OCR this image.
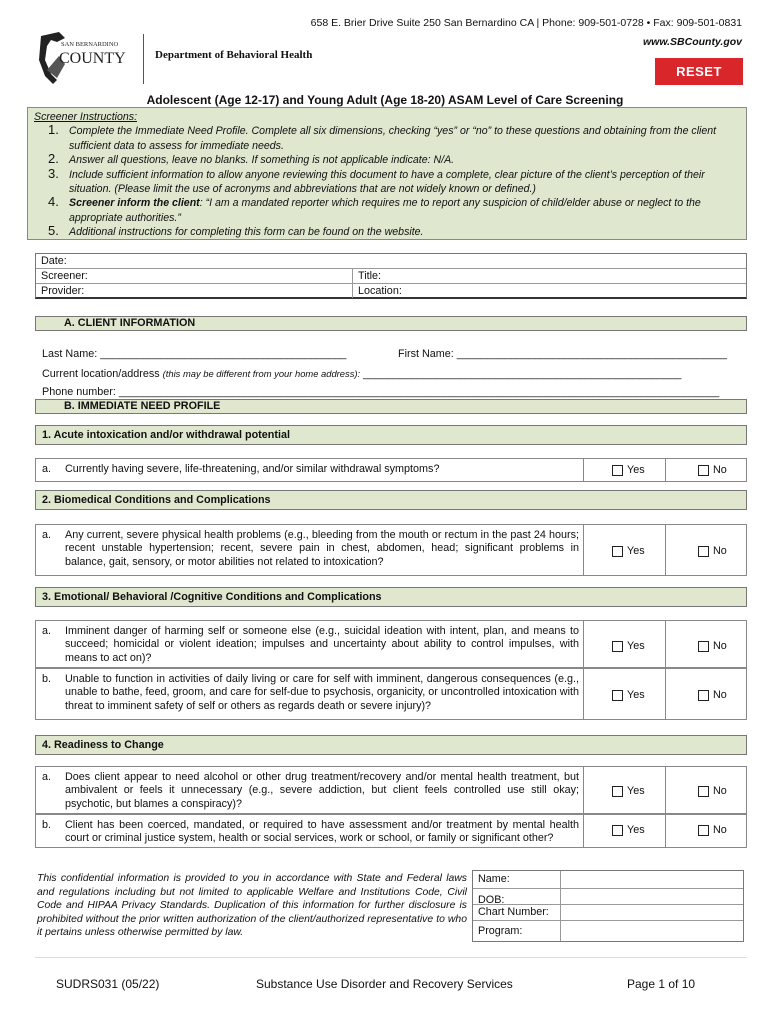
658 E. Brier Drive Suite 250 San Bernardino CA | Phone: 909-501-0728 • Fax: 909-501-0831
www.SBCounty.gov
SAN BERNARDINO
COUNTY	Department of Behavioral Health
RESET
Adolescent (Age 12-17) and Young Adult (Age 18-20) ASAM Level of Care Screening
Screener Instructions:
1. Complete the Immediate Need Profile. Complete all six dimensions, checking “yes” or “no” to these questions and obtaining from the client sufficient data to assess for immediate needs.
2. Answer all questions, leave no blanks. If something is not applicable indicate: N/A.
3. Include sufficient information to allow anyone reviewing this document to have a complete, clear picture of the client’s perception of their situation. (Please limit the use of acronyms and abbreviations that are not widely known or defined.)
4. Screener inform the client: “I am a mandated reporter which requires me to report any suspicion of child/elder abuse or neglect to the appropriate authorities.”
5. Additional instructions for completing this form can be found on the website.
Date:
Screener:	Title:
Provider:	Location:
A. CLIENT INFORMATION
Last Name: _________________________________________	First Name: _____________________________________________
Current location/address (this may be different from your home address): _____________________________________________________
Phone number: ____________________________________________________________________________________________________
B. IMMEDIATE NEED PROFILE
1. Acute intoxication and/or withdrawal potential
a. Currently having severe, life-threatening, and/or similar withdrawal symptoms?	Yes	No
2. Biomedical Conditions and Complications
a. Any current, severe physical health problems (e.g., bleeding from the mouth or rectum in the past 24 hours; recent unstable hypertension; recent, severe pain in chest, abdomen, head; significant problems in balance, gait, sensory, or motor abilities not related to intoxication?
Yes	No
3. Emotional/ Behavioral /Cognitive Conditions and Complications
a. Imminent danger of harming self or someone else (e.g., suicidal ideation with intent, plan, and means to succeed; homicidal or violent ideation; impulses and uncertainty about ability to control impulses, with means to act on)?
Yes	No
b. Unable to function in activities of daily living or care for self with imminent, dangerous consequences (e.g., unable to bathe, feed, groom, and care for self-due to psychosis, organicity, or uncontrolled intoxication with threat to imminent safety of self or others as regards death or severe injury)?
Yes	No
4. Readiness to Change
a. Does client appear to need alcohol or other drug treatment/recovery and/or mental health treatment, but ambivalent or feels it unnecessary (e.g., severe addiction, but client feels controlled use still okay; psychotic, but blames a conspiracy)?
Yes	No
b. Client has been coerced, mandated, or required to have assessment and/or treatment by mental health court or criminal justice system, health or social services, work or school, or family or significant other?
Yes	No
This confidential information is provided to you in accordance with State and Federal laws and regulations including but not limited to applicable Welfare and Institutions Code, Civil Code and HIPAA Privacy Standards. Duplication of this information for further disclosure is prohibited without the prior written authorization of the client/authorized representative to who it pertains unless otherwise permitted by law.
Name:
DOB:
Chart Number:
Program:
SUDRS031 (05/22)	Substance Use Disorder and Recovery Services	Page 1 of 10
